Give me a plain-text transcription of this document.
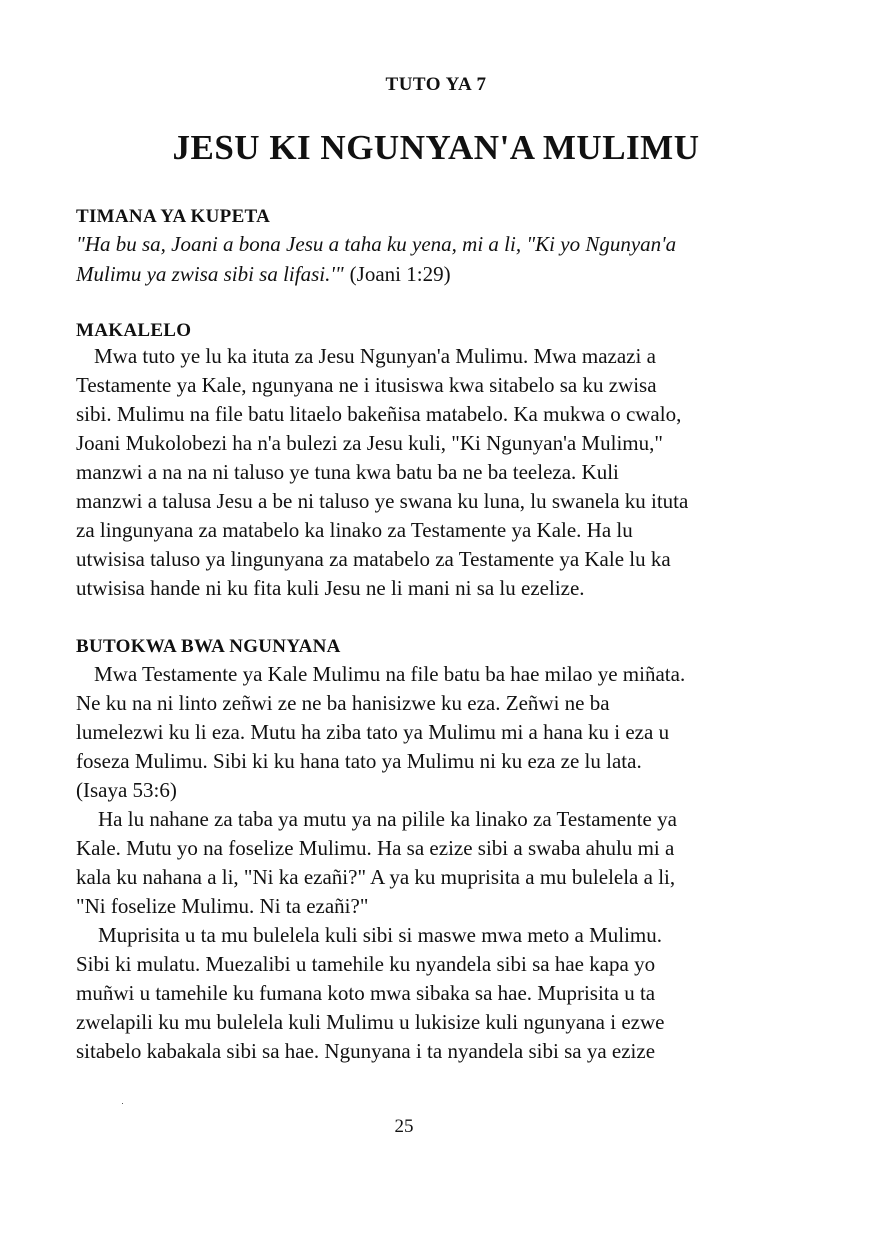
TUTO YA 7
JESU KI NGUNYAN'A MULIMU
TIMANA YA KUPETA
"Ha bu sa, Joani a bona Jesu a taha ku yena, mi a li, "Ki yo Ngunyan'a
Mulimu ya zwisa sibi sa lifasi.'" (Joani 1:29)
MAKALELO
Mwa tuto ye lu ka ituta za Jesu Ngunyan'a Mulimu. Mwa mazazi a
Testamente ya Kale, ngunyana ne i itusiswa kwa sitabelo sa ku zwisa
sibi. Mulimu na file batu litaelo bakeñisa matabelo. Ka mukwa o cwalo,
Joani Mukolobezi ha n'a bulezi za Jesu kuli, "Ki Ngunyan'a Mulimu,"
manzwi a na na ni taluso ye tuna kwa batu ba ne ba teeleza. Kuli
manzwi a talusa Jesu a be ni taluso ye swana ku luna, lu swanela ku ituta
za lingunyana za matabelo ka linako za Testamente ya Kale. Ha lu
utwisisa taluso ya lingunyana za matabelo za Testamente ya Kale lu ka
utwisisa hande ni ku fita kuli Jesu ne li mani ni sa lu ezelize.
BUTOKWA BWA NGUNYANA
Mwa Testamente ya Kale Mulimu na file batu ba hae milao ye miñata.
Ne ku na ni linto zeñwi ze ne ba hanisizwe ku eza. Zeñwi ne ba
lumelezwi ku li eza. Mutu ha ziba tato ya Mulimu mi a hana ku i eza u
foseza Mulimu. Sibi ki ku hana tato ya Mulimu ni ku eza ze lu lata.
(Isaya 53:6)
Ha lu nahane za taba ya mutu ya na pilile ka linako za Testamente ya
Kale. Mutu yo na foselize Mulimu. Ha sa ezize sibi a swaba ahulu mi a
kala ku nahana a li, "Ni ka ezañi?" A ya ku muprisita a mu bulelela a li,
"Ni foselize Mulimu. Ni ta ezañi?"
Muprisita u ta mu bulelela kuli sibi si maswe mwa meto a Mulimu.
Sibi ki mulatu. Muezalibi u tamehile ku nyandela sibi sa hae kapa yo
muñwi u tamehile ku fumana koto mwa sibaka sa hae. Muprisita u ta
zwelapili ku mu bulelela kuli Mulimu u lukisize kuli ngunyana i ezwe
sitabelo kabakala sibi sa hae. Ngunyana i ta nyandela sibi sa ya ezize
25
